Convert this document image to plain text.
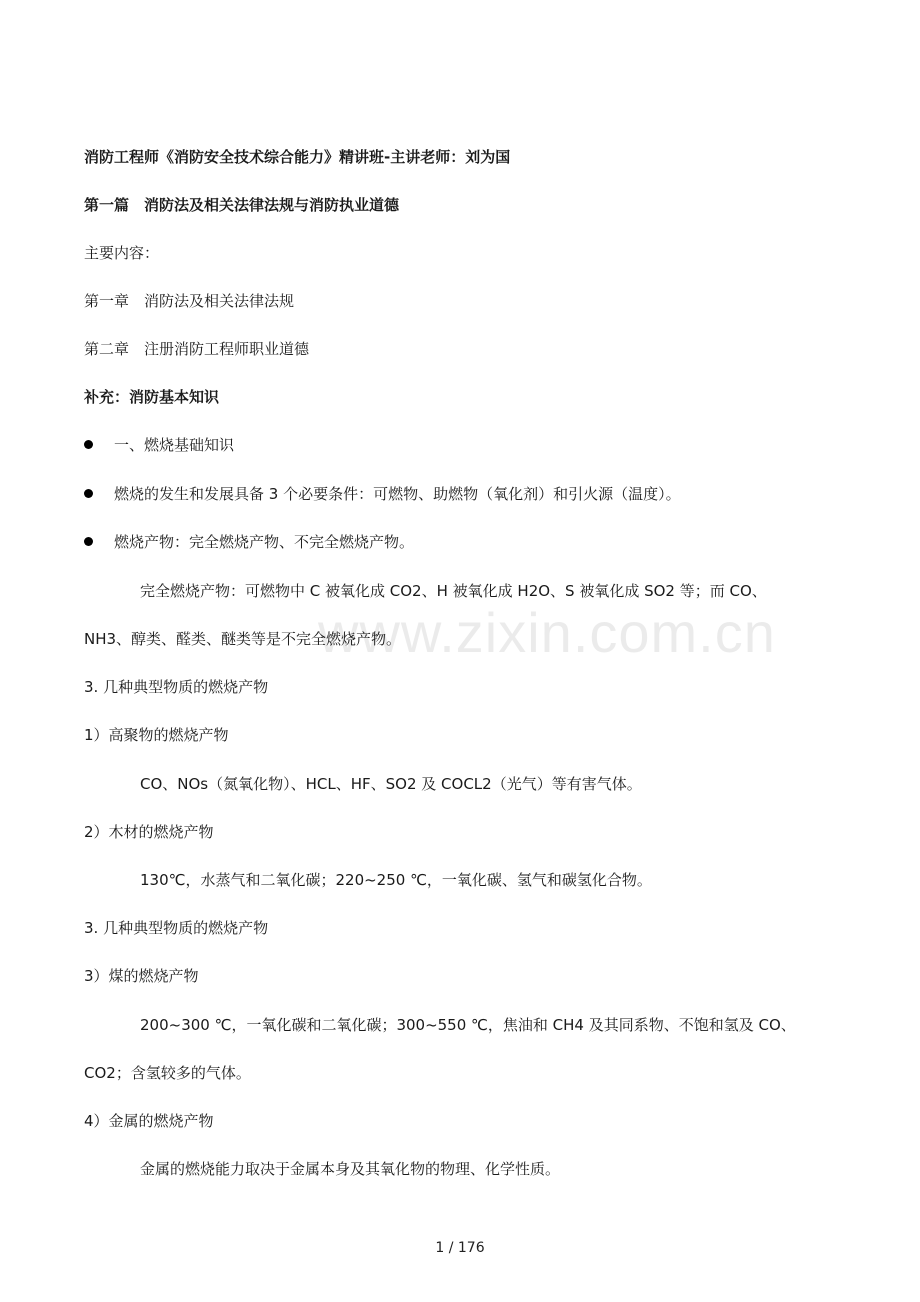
消防工程师《消防安全技术综合能力》精讲班-主讲老师：刘为国
第一篇　消防法及相关法律法规与消防执业道德
主要内容：
第一章　消防法及相关法律法规
第二章　注册消防工程师职业道德
补充：消防基本知识
一、燃烧基础知识
燃烧的发生和发展具备 3 个必要条件：可燃物、助燃物（氧化剂）和引火源（温度）。
燃烧产物：完全燃烧产物、不完全燃烧产物。
完全燃烧产物：可燃物中 C 被氧化成 CO2、H 被氧化成 H2O、S 被氧化成 SO2 等；而 CO、
NH3、醇类、醛类、醚类等是不完全燃烧产物。
3. 几种典型物质的燃烧产物
1）高聚物的燃烧产物
CO、NOs（氮氧化物）、HCL、HF、SO2 及 COCL2（光气）等有害气体。
2）木材的燃烧产物
130℃，水蒸气和二氧化碳；220~250 ℃，一氧化碳、氢气和碳氢化合物。
3. 几种典型物质的燃烧产物
3）煤的燃烧产物
200~300 ℃，一氧化碳和二氧化碳；300~550 ℃，焦油和 CH4 及其同系物、不饱和氢及 CO、
CO2；含氢较多的气体。
4）金属的燃烧产物
金属的燃烧能力取决于金属本身及其氧化物的物理、化学性质。
www.zixin.com.cn
1 / 176
